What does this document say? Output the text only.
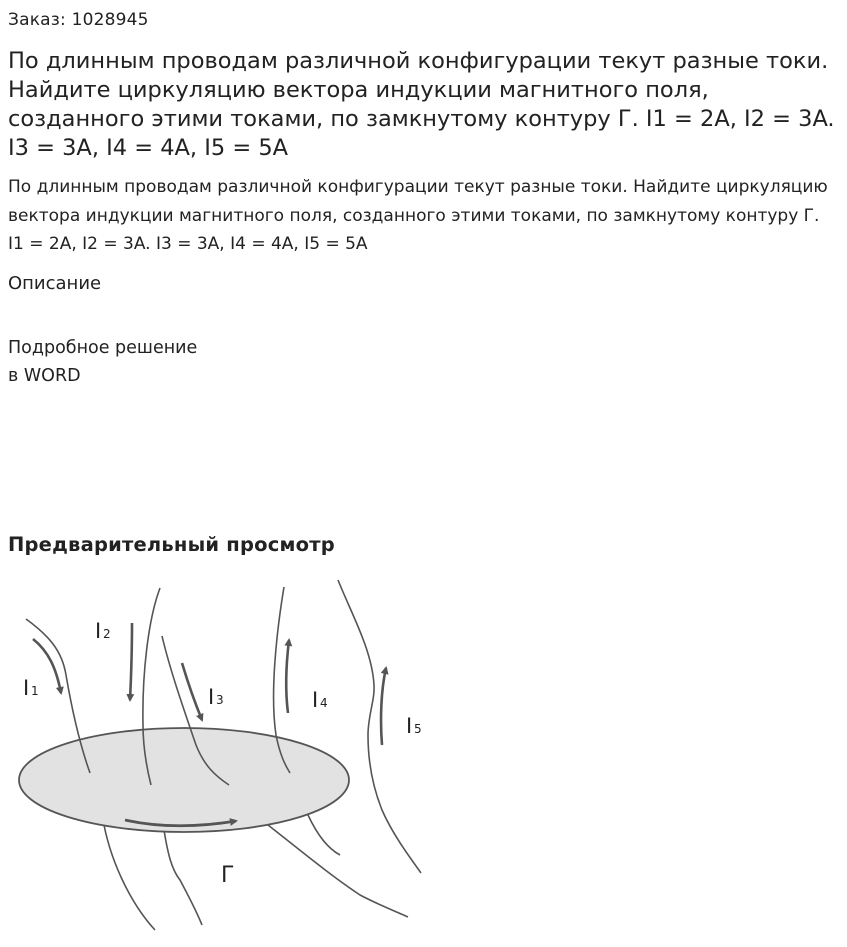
Заказ: 1028945
По длинным проводам различной конфигурации текут разные токи. Найдите циркуляцию вектора индукции магнитного поля, созданного этими токами, по замкнутому контуру Г. I1 = 2A, I2 = 3A. I3 = 3A, I4 = 4A, I5 = 5A
По длинным проводам различной конфигурации текут разные токи. Найдите циркуляцию вектора индукции магнитного поля, созданного этими токами, по замкнутому контуру Г. I1 = 2A, I2 = 3A. I3 = 3A, I4 = 4A, I5 = 5A
Описание
Подробное решение
в WORD
Предварительный просмотр
I 1
I 2
I 3	I 4
I 5
Г
